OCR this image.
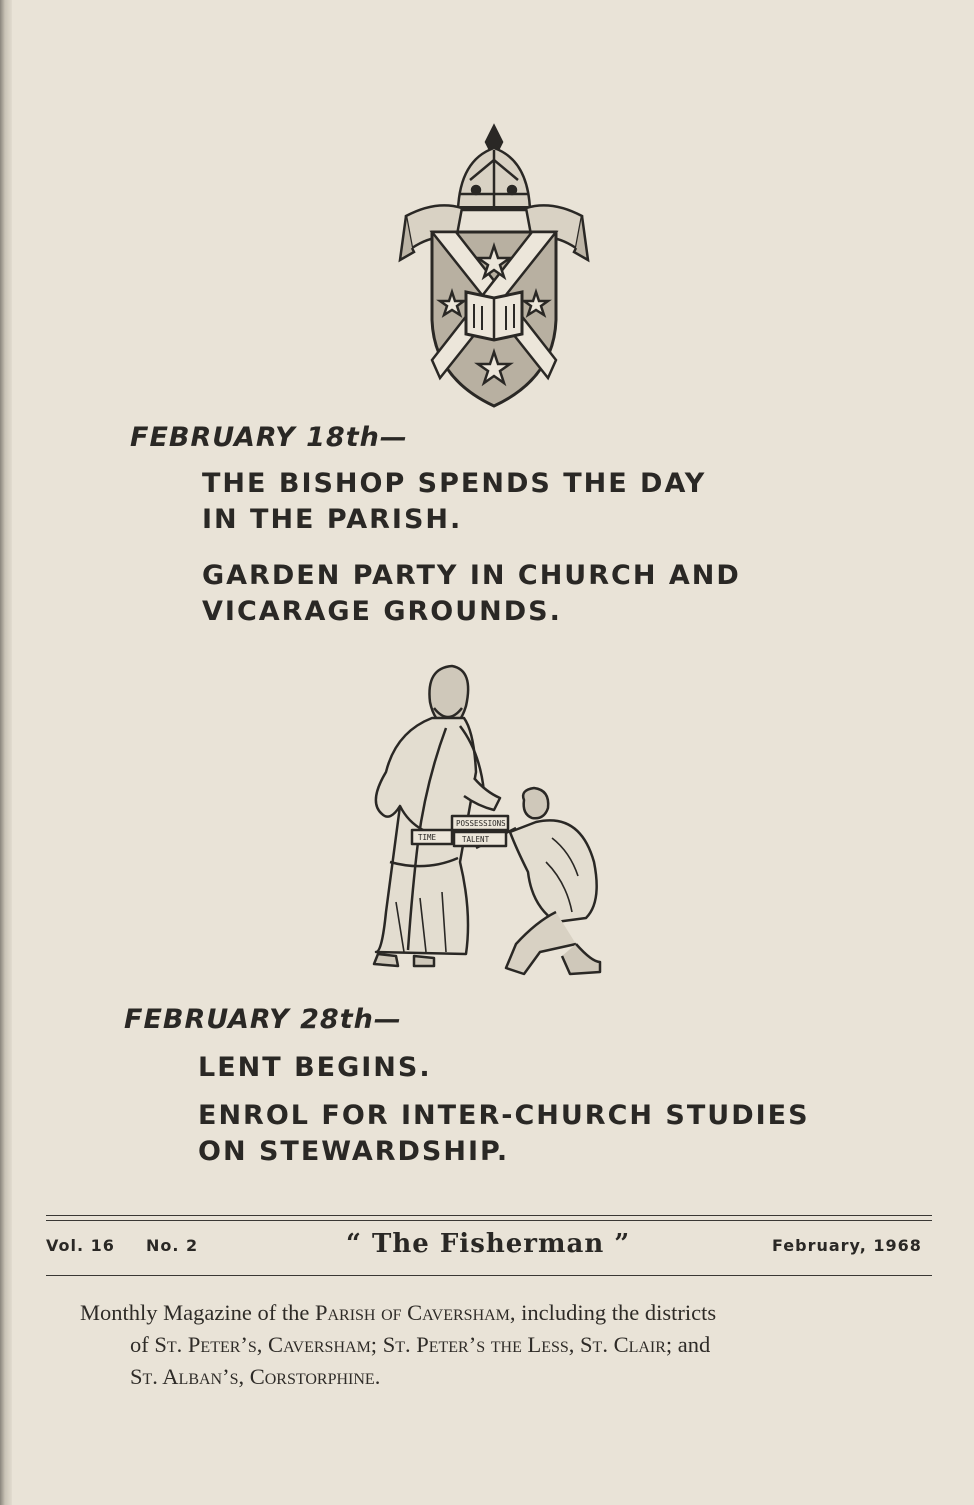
FEBRUARY 18th—
THE BISHOP SPENDS THE DAY
IN THE PARISH.
GARDEN PARTY IN CHURCH AND
VICARAGE GROUNDS.
POSSESSIONS
TIME	TALENT
FEBRUARY 28th—
LENT BEGINS.
ENROL FOR INTER-CHURCH STUDIES
ON STEWARDSHIP.
Vol. 16 No. 2	“ The Fisherman ”	February, 1968

Monthly Magazine of the Parish of Caversham, including the districts

of St. Peter’s, Caversham; St. Peter’s the Less, St. Clair; and

St. Alban’s, Corstorphine.
